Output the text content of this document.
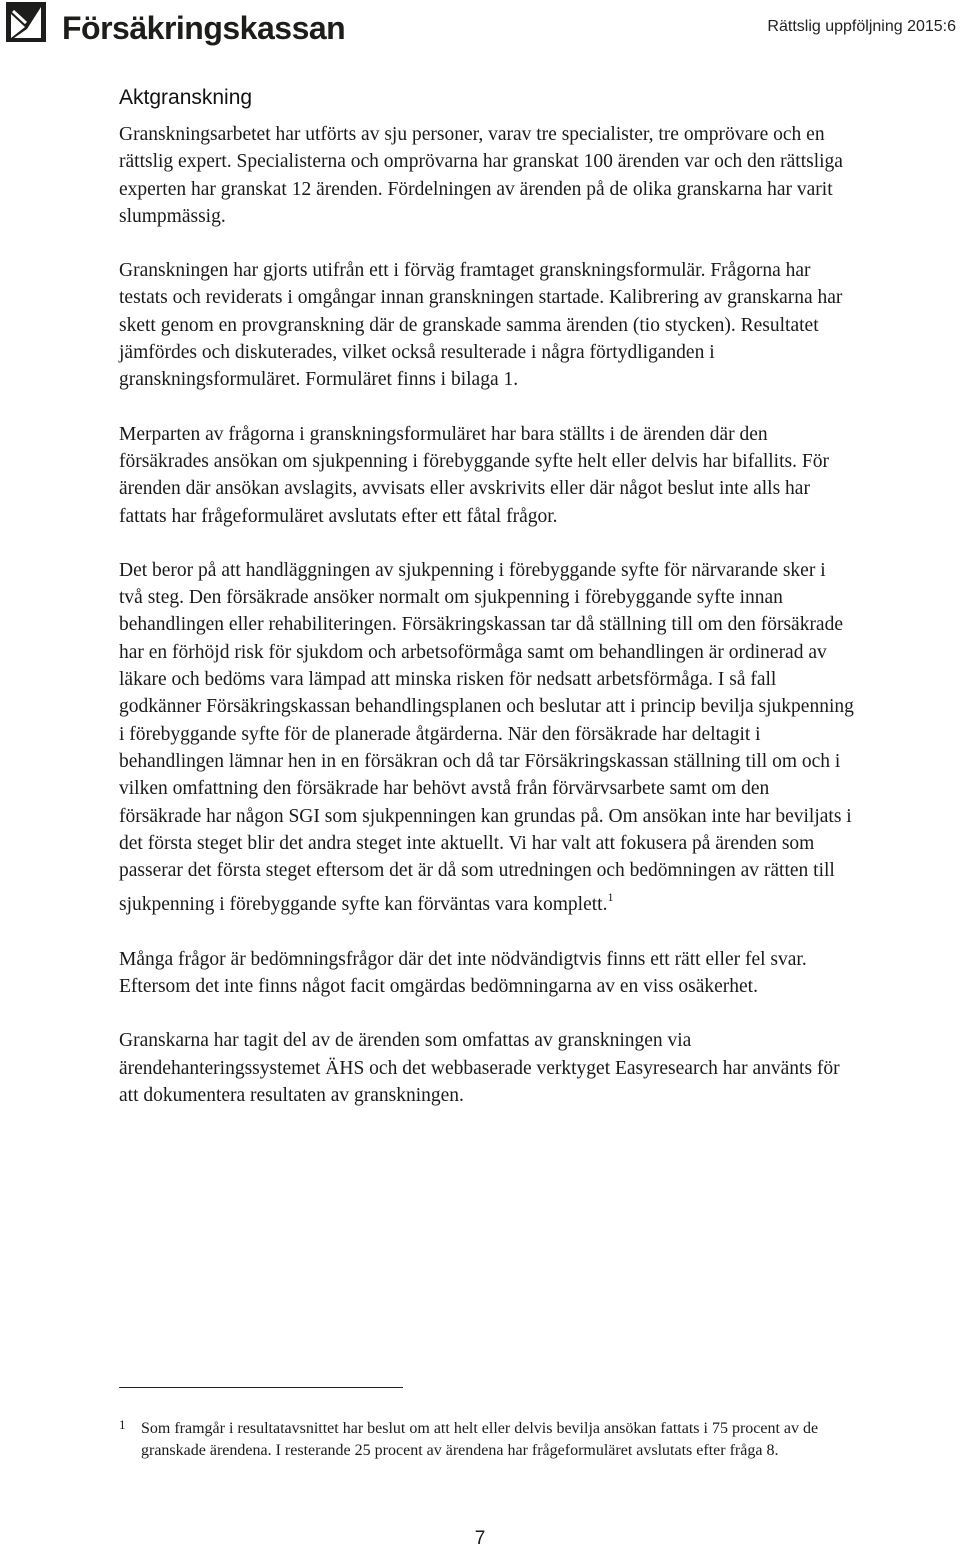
Försäkringskassan	Rättslig uppföljning 2015:6
Aktgranskning

Granskningsarbetet har utförts av sju personer, varav tre specialister, tre omprövare och en rättslig expert. Specialisterna och omprövarna har granskat 100 ärenden var och den rättsliga experten har granskat 12 ärenden. Fördelningen av ärenden på de olika granskarna har varit slumpmässig.

Granskningen har gjorts utifrån ett i förväg framtaget granskningsformulär. Frågorna har testats och reviderats i omgångar innan granskningen startade. Kalibrering av granskarna har skett genom en provgranskning där de granskade samma ärenden (tio stycken). Resultatet jämfördes och diskuterades, vilket också resulterade i några förtydliganden i granskningsformuläret. Formuläret finns i bilaga 1.

Merparten av frågorna i granskningsformuläret har bara ställts i de ärenden där den försäkrades ansökan om sjukpenning i förebyggande syfte helt eller delvis har bifallits. För ärenden där ansökan avslagits, avvisats eller avskrivits eller där något beslut inte alls har fattats har frågeformuläret avslutats efter ett fåtal frågor.

Det beror på att handläggningen av sjukpenning i förebyggande syfte för närvarande sker i två steg. Den försäkrade ansöker normalt om sjukpenning i förebyggande syfte innan behandlingen eller rehabiliteringen. Försäkringskassan tar då ställning till om den försäkrade har en förhöjd risk för sjukdom och arbetsoförmåga samt om behandlingen är ordinerad av läkare och bedöms vara lämpad att minska risken för nedsatt arbetsförmåga. I så fall godkänner Försäkringskassan behandlingsplanen och beslutar att i princip bevilja sjukpenning i förebyggande syfte för de planerade åtgärderna. När den försäkrade har deltagit i behandlingen lämnar hen in en försäkran och då tar Försäkringskassan ställning till om och i vilken omfattning den försäkrade har behövt avstå från förvärvsarbete samt om den försäkrade har någon SGI som sjukpenningen kan grundas på. Om ansökan inte har beviljats i det första steget blir det andra steget inte aktuellt. Vi har valt att fokusera på ärenden som passerar det första steget eftersom det är då som utredningen och bedömningen av rätten till sjukpenning i förebyggande syfte kan förväntas vara komplett.$^1$

Många frågor är bedömningsfrågor där det inte nödvändigtvis finns ett rätt eller fel svar. Eftersom det inte finns något facit omgärdas bedömningarna av en viss osäkerhet.

Granskarna har tagit del av de ärenden som omfattas av granskningen via ärendehanteringssystemet ÄHS och det webbaserade verktyget Easyresearch har använts för att dokumentera resultaten av granskningen.

1 Som framgår i resultatavsnittet har beslut om att helt eller delvis bevilja ansökan fattats i 75 procent av de granskade ärendena. I resterande 25 procent av ärendena har frågeformuläret avslutats efter fråga 8.
7
